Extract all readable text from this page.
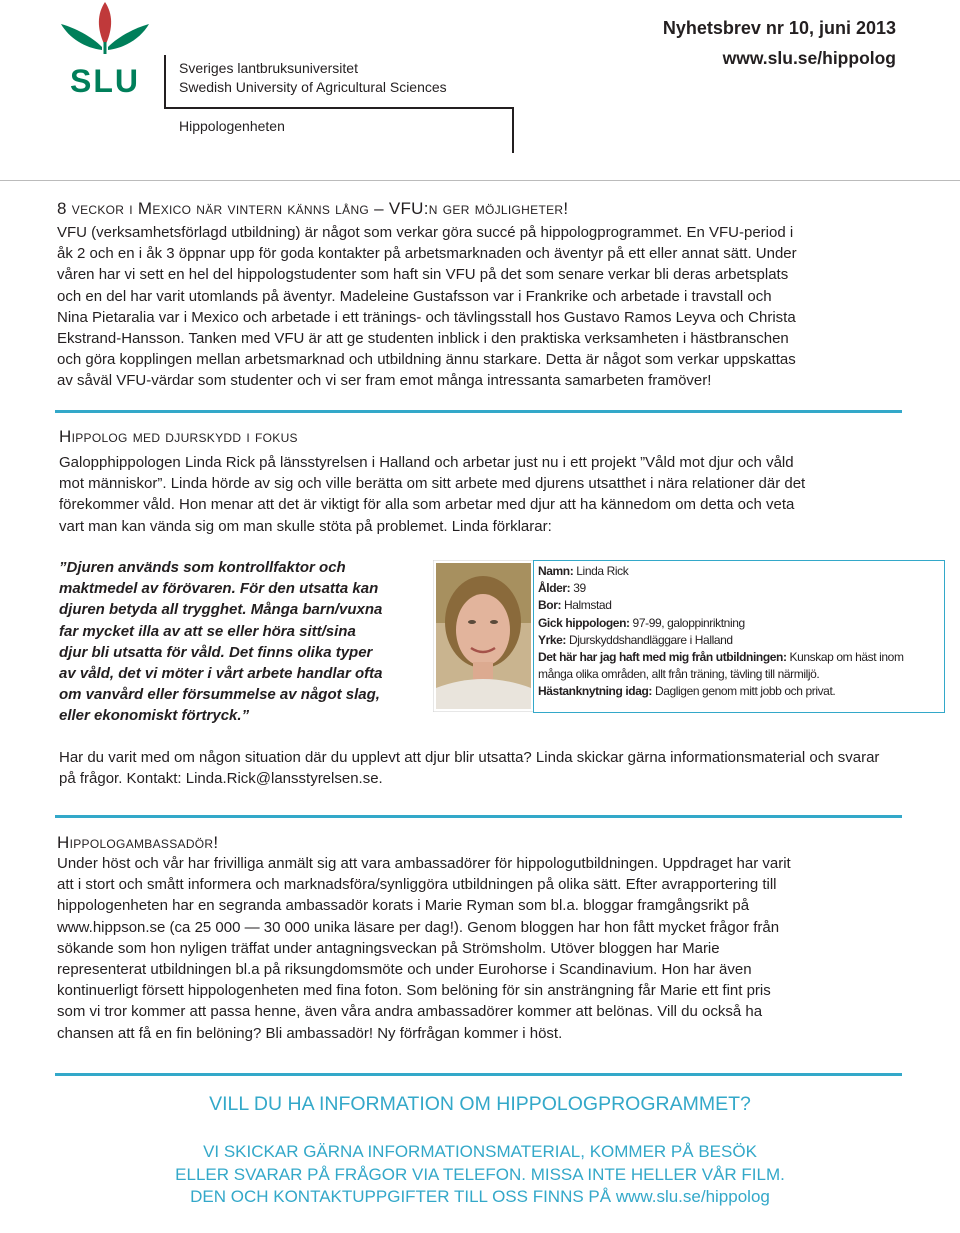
SLU	Sveriges lantbruksuniversitet
Swedish University of Agricultural Sciences
Hippologenheten
Nyhetsbrev nr 10, juni 2013
www.slu.se/hippolog
8 veckor i Mexico när vintern känns lång – VFU:n ger möjligheter!

VFU (verksamhetsförlagd utbildning) är något som verkar göra succé på hippologprogrammet. En VFU-period i

åk 2 och en i åk 3 öppnar upp för goda kontakter på arbetsmarknaden och äventyr på ett eller annat sätt. Under

våren har vi sett en hel del hippologstudenter som haft sin VFU på det som senare verkar bli deras arbetsplats

och en del har varit utomlands på äventyr. Madeleine Gustafsson var i Frankrike och arbetade i travstall och

Nina Pietaralia var i Mexico och arbetade i ett tränings- och tävlingsstall hos Gustavo Ramos Leyva och Christa

Ekstrand-Hansson. Tanken med VFU är att ge studenten inblick i den praktiska verksamheten i hästbranschen

och göra kopplingen mellan arbetsmarknad och utbildning ännu starkare. Detta är något som verkar uppskattas

av såväl VFU-värdar som studenter och vi ser fram emot många intressanta samarbeten framöver!

Hippolog med djurskydd i fokus

Galopphippologen Linda Rick på länsstyrelsen i Halland och arbetar just nu i ett projekt ”Våld mot djur och våld

mot människor”. Linda hörde av sig och ville berätta om sitt arbete med djurens utsatthet i nära relationer där det

förekommer våld. Hon menar att det är viktigt för alla som arbetar med djur att ha kännedom om detta och veta

vart man kan vända sig om man skulle stöta på problemet. Linda förklarar:

”Djuren används som kontrollfaktor och
maktmedel av förövaren. För den utsatta kan
djuren betyda all trygghet. Många barn/vuxna
far mycket illa av att se eller höra sitt/sina
djur bli utsatta för våld. Det finns olika typer
av våld, det vi möter i vårt arbete handlar ofta
om vanvård eller försummelse av något slag,
eller ekonomiskt förtryck.”
Namn: Linda Rick
Ålder: 39
Bor: Halmstad
Gick hippologen: 97-99, galoppinriktning
Yrke: Djurskyddshandläggare i Halland
Det här har jag haft med mig från utbildningen: Kunskap om häst inom många olika områden, allt från träning, tävling till närmiljö.
Hästanknytning idag: Dagligen genom mitt jobb och privat.

Har du varit med om någon situation där du upplevt att djur blir utsatta? Linda skickar gärna informationsmaterial och svarar

på frågor. Kontakt: Linda.Rick@lansstyrelsen.se.

Hippologambassadör!

Under höst och vår har frivilliga anmält sig att vara ambassadörer för hippologutbildningen. Uppdraget har varit

att i stort och smått informera och marknadsföra/synliggöra utbildningen på olika sätt. Efter avrapportering till

hippologenheten har en segranda ambassadör korats i Marie Ryman som bl.a. bloggar framgångsrikt på

www.hippson.se (ca 25 000 — 30 000 unika läsare per dag!). Genom bloggen har hon fått mycket frågor från

sökande som hon nyligen träffat under antagningsveckan på Strömsholm. Utöver bloggen har Marie

representerat utbildningen bl.a på riksungdomsmöte och under Eurohorse i Scandinavium. Hon har även

kontinuerligt försett hippologenheten med fina foton. Som belöning för sin ansträngning får Marie ett fint pris

som vi tror kommer att passa henne, även våra andra ambassadörer kommer att belönas. Vill du också ha

chansen att få en fin belöning? Bli ambassadör! Ny förfrågan kommer i höst.

VILL DU HA INFORMATION OM HIPPOLOGPROGRAMMET?
VI SKICKAR GÄRNA INFORMATIONSMATERIAL, KOMMER PÅ BESÖK
ELLER SVARAR PÅ FRÅGOR VIA TELEFON. MISSA INTE HELLER VÅR FILM.
DEN OCH KONTAKTUPPGIFTER TILL OSS FINNS PÅ www.slu.se/hippolog
